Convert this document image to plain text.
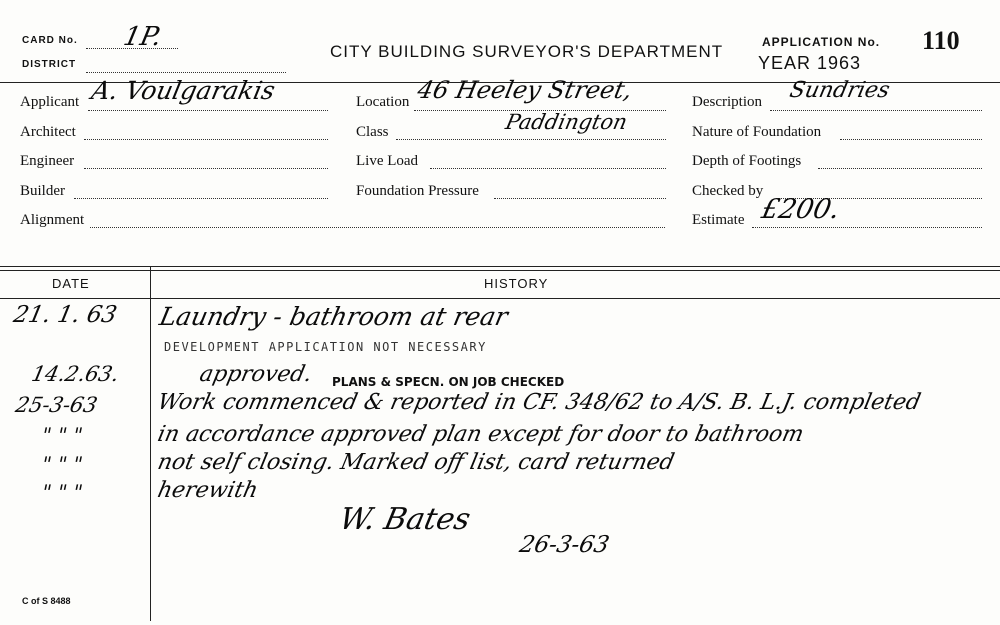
CARD No. 1P.
DISTRICT
CITY BUILDING SURVEYOR'S DEPARTMENT	APPLICATION No. 110
YEAR 1963
Applicant A. Voulgarakis
Architect
Engineer
Builder
Alignment
Location 46 Heeley Street,
Class	Paddington
Live Load
Foundation Pressure
Description Sundries
Nature of Foundation
Depth of Footings
Checked by
Estimate £200.
DATE	HISTORY
21. 1. 63 Laundry - bathroom at rear
DEVELOPMENT APPLICATION NOT NECESSARY
14.2.63.	approved. PLANS & SPECN. ON JOB CHECKED
25-3-63	Work commenced & reported in CF. 348/62 to A/S. B. L.J. completed
" " "	in accordance approved plan except for door to bathroom
" " "	not self closing. Marked off list, card returned
" " "	herewith
W. Bates
26-3-63
C of S 8488
